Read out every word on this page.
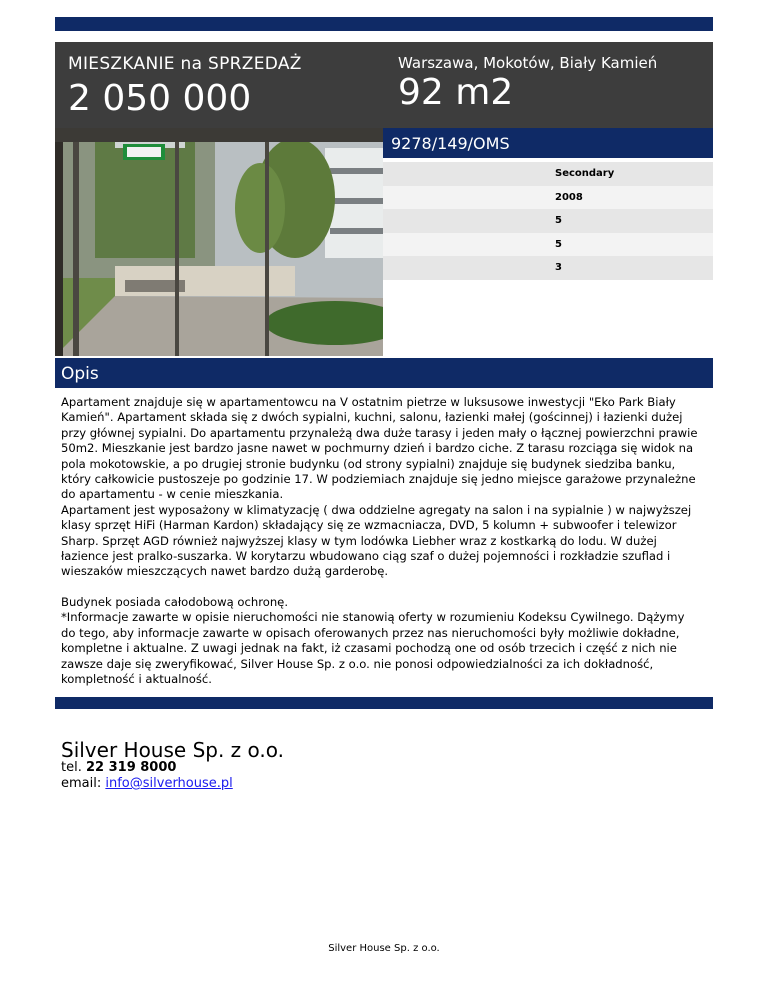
MIESZKANIE na SPRZEDAŻ
2 050 000
Warszawa, Mokotów, Biały Kamień
92 m2
9278/149/OMS
Secondary
2008
5
5
3
Opis

Apartament znajduje się w apartamentowcu na V ostatnim pietrze w luksusowe inwestycji "Eko Park Biały Kamień". Apartament składa się z dwóch sypialni, kuchni, salonu, łazienki małej (gościnnej) i łazienki dużej przy głównej sypialni. Do apartamentu przynależą dwa duże tarasy i jeden mały o łącznej powierzchni prawie 50m2. Mieszkanie jest bardzo jasne nawet w pochmurny dzień i bardzo ciche. Z tarasu rozciąga się widok na pola mokotowskie, a po drugiej stronie budynku (od strony sypialni) znajduje się budynek siedziba banku, który całkowicie pustoszeje po godzinie 17. W podziemiach znajduje się jedno miejsce garażowe przynależne do apartamentu - w cenie mieszkania.

Apartament jest wyposażony w klimatyzację ( dwa oddzielne agregaty na salon i na sypialnie ) w najwyższej klasy sprzęt HiFi (Harman Kardon) składający się ze wzmacniacza, DVD, 5 kolumn + subwoofer i telewizor Sharp. Sprzęt AGD również najwyższej klasy w tym lodówka Liebher wraz z kostkarką do lodu. W dużej łazience jest pralko-suszarka. W korytarzu wbudowano ciąg szaf o dużej pojemności i rozkładzie szuflad i wieszaków mieszczących nawet bardzo dużą garderobę.

Budynek posiada całodobową ochronę.

*Informacje zawarte w opisie nieruchomości nie stanowią oferty w rozumieniu Kodeksu Cywilnego. Dążymy do tego, aby informacje zawarte w opisach oferowanych przez nas nieruchomości były możliwie dokładne, kompletne i aktualne. Z uwagi jednak na fakt, iż czasami pochodzą one od osób trzecich i część z nich nie zawsze daje się zweryfikować, Silver House Sp. z o.o. nie ponosi odpowiedzialności za ich dokładność, kompletność i aktualność.

Silver House Sp. z o.o.
tel. 22 319 8000
email: info@silverhouse.pl
Silver House Sp. z o.o.
